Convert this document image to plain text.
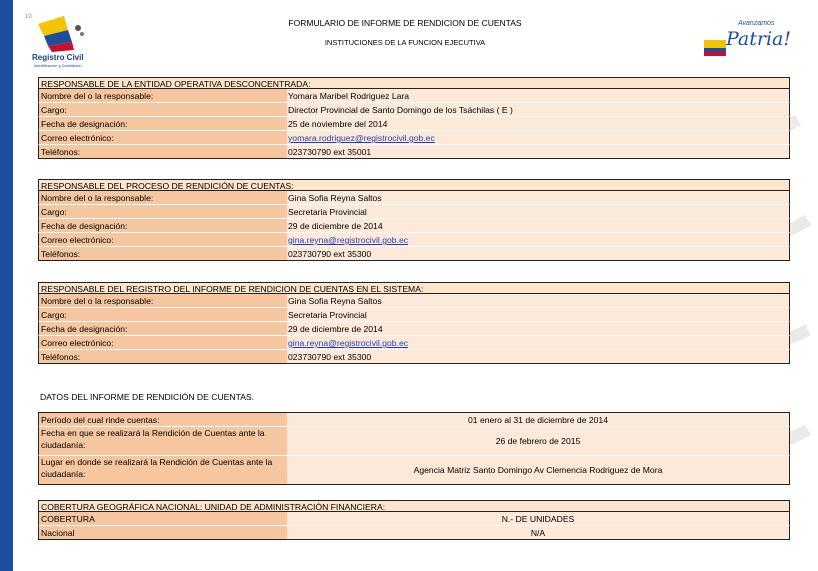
10
Registro Civil
Identificación y Cedulación
FORMULARIO DE INFORME DE RENDICION DE CUENTAS
INSTITUCIONES DE LA FUNCION EJECUTIVA
Avanzamos
Patria!
RESPONSABLE DE LA ENTIDAD OPERATIVA DESCONCENTRADA:
Nombre del o la responsable:	Yomara Maribel Rodriguez Lara
Cargo:	Director Provincial de Santo Domingo de los Tsáchilas ( E )
Fecha de designación:	25 de noviembre del 2014
Correo electrónico:	yomara.rodriguez@registrocivil.gob.ec
Teléfonos:	023730790 ext 35001
RESPONSABLE DEL PROCESO DE RENDICIÓN DE CUENTAS:
Nombre del o la responsable:	Gina Sofia Reyna Saltos
Cargo:	Secretaria Provincial
Fecha de designación:	29 de diciembre de 2014
Correo electrónico:	gina.reyna@registrocivil.gob.ec
Teléfonos:	023730790 ext 35300
RESPONSABLE DEL REGISTRO DEL INFORME DE RENDICION DE CUENTAS EN EL SISTEMA:
Nombre del o la responsable:	Gina Sofia Reyna Saltos
Cargo:	Secretaria Provincial
Fecha de designación:	29 de diciembre de 2014
Correo electrónico:	gina.reyna@registrocivil.gob.ec
Teléfonos:	023730790 ext 35300
DATOS DEL INFORME DE RENDICIÓN DE CUENTAS.
Período del cual rinde cuentas:	01 enero al 31 de diciembre de 2014
Fecha en que se realizará la Rendición de Cuentas ante la ciudadanía:	26 de febrero de 2015
Lugar en donde se realizará la Rendición de Cuentas ante la ciudadanía:	Agencia Matriz Santo Domingo Av Clemencia Rodriguez de Mora
COBERTURA GEOGRÁFICA NACIONAL: UNIDAD DE ADMINISTRACIÓN FINANCIERA:
COBERTURA	N.- DE UNIDADES
Nacional	N/A
